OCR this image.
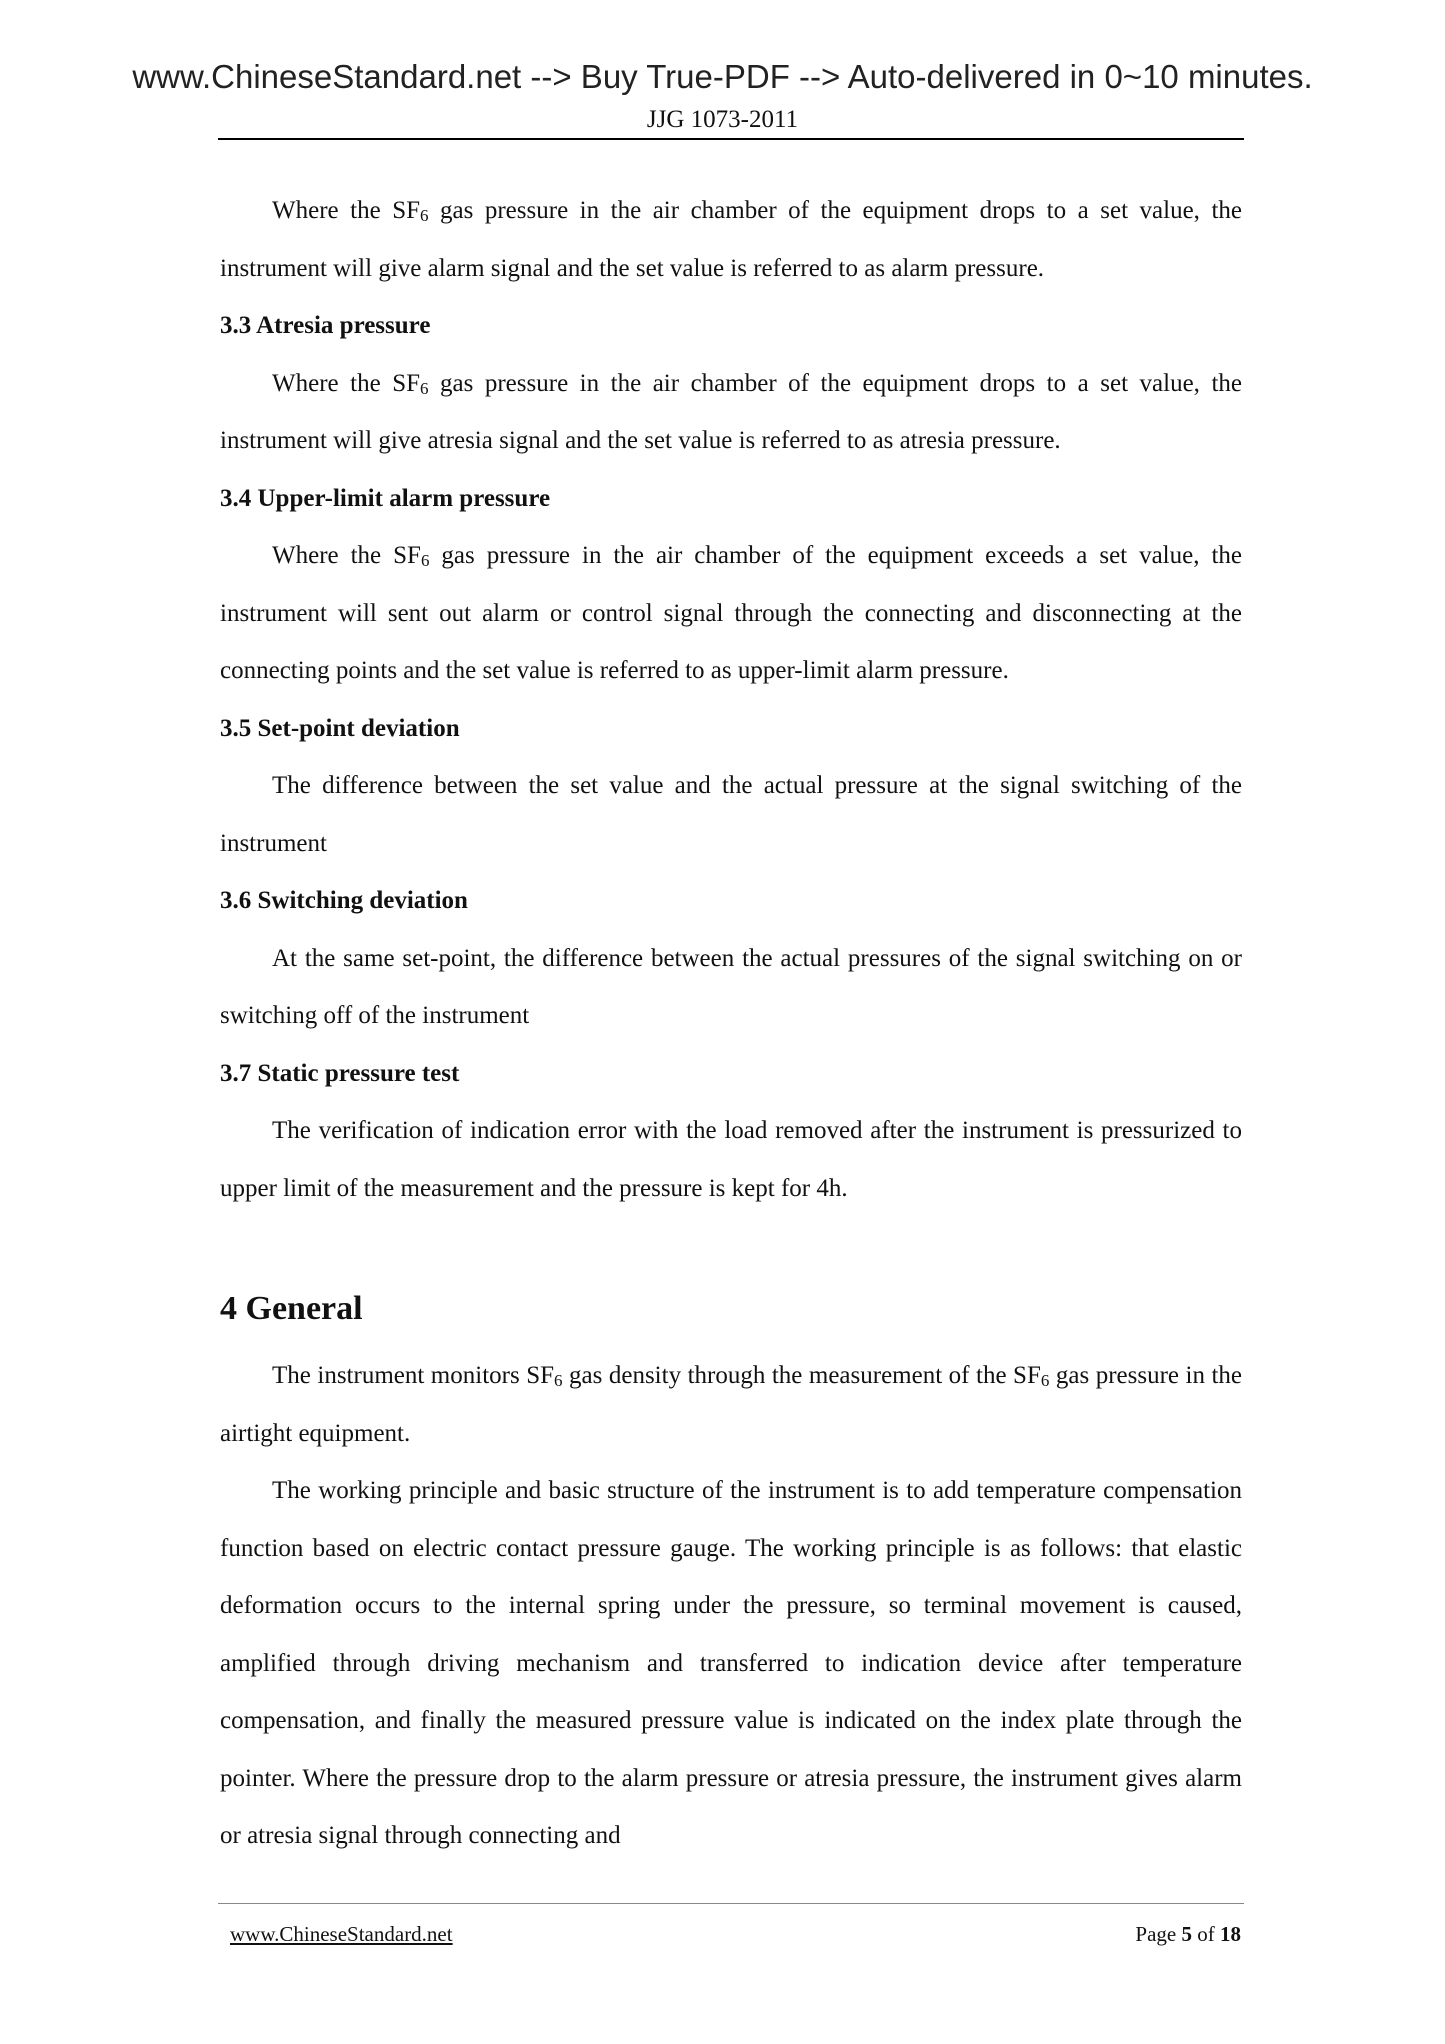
www.ChineseStandard.net --> Buy True-PDF --> Auto-delivered in 0~10 minutes.
JJG 1073-2011

Where the $SF_6$ gas pressure in the air chamber of the equipment drops to a set value, the instrument will give alarm signal and the set value is referred to as alarm pressure.

3.3 Atresia pressure

Where the $SF_6$ gas pressure in the air chamber of the equipment drops to a set value, the instrument will give atresia signal and the set value is referred to as atresia pressure.

3.4 Upper-limit alarm pressure

Where the $SF_6$ gas pressure in the air chamber of the equipment exceeds a set value, the instrument will sent out alarm or control signal through the connecting and disconnecting at the connecting points and the set value is referred to as upper-limit alarm pressure.

3.5 Set-point deviation

The difference between the set value and the actual pressure at the signal switching of the instrument

3.6 Switching deviation

At the same set-point, the difference between the actual pressures of the signal switching on or switching off of the instrument

3.7 Static pressure test

The verification of indication error with the load removed after the instrument is pressurized to upper limit of the measurement and the pressure is kept for 4h.

4 General

The instrument monitors $SF_6$ gas density through the measurement of the $SF_6$ gas pressure in the airtight equipment.

The working principle and basic structure of the instrument is to add temperature compensation function based on electric contact pressure gauge. The working principle is as follows: that elastic deformation occurs to the internal spring under the pressure, so terminal movement is caused, amplified through driving mechanism and transferred to indication device after temperature compensation, and finally the measured pressure value is indicated on the index plate through the pointer. Where the pressure drop to the alarm pressure or atresia pressure, the instrument gives alarm or atresia signal through connecting and

www.ChineseStandard.net	Page 5 of 18
